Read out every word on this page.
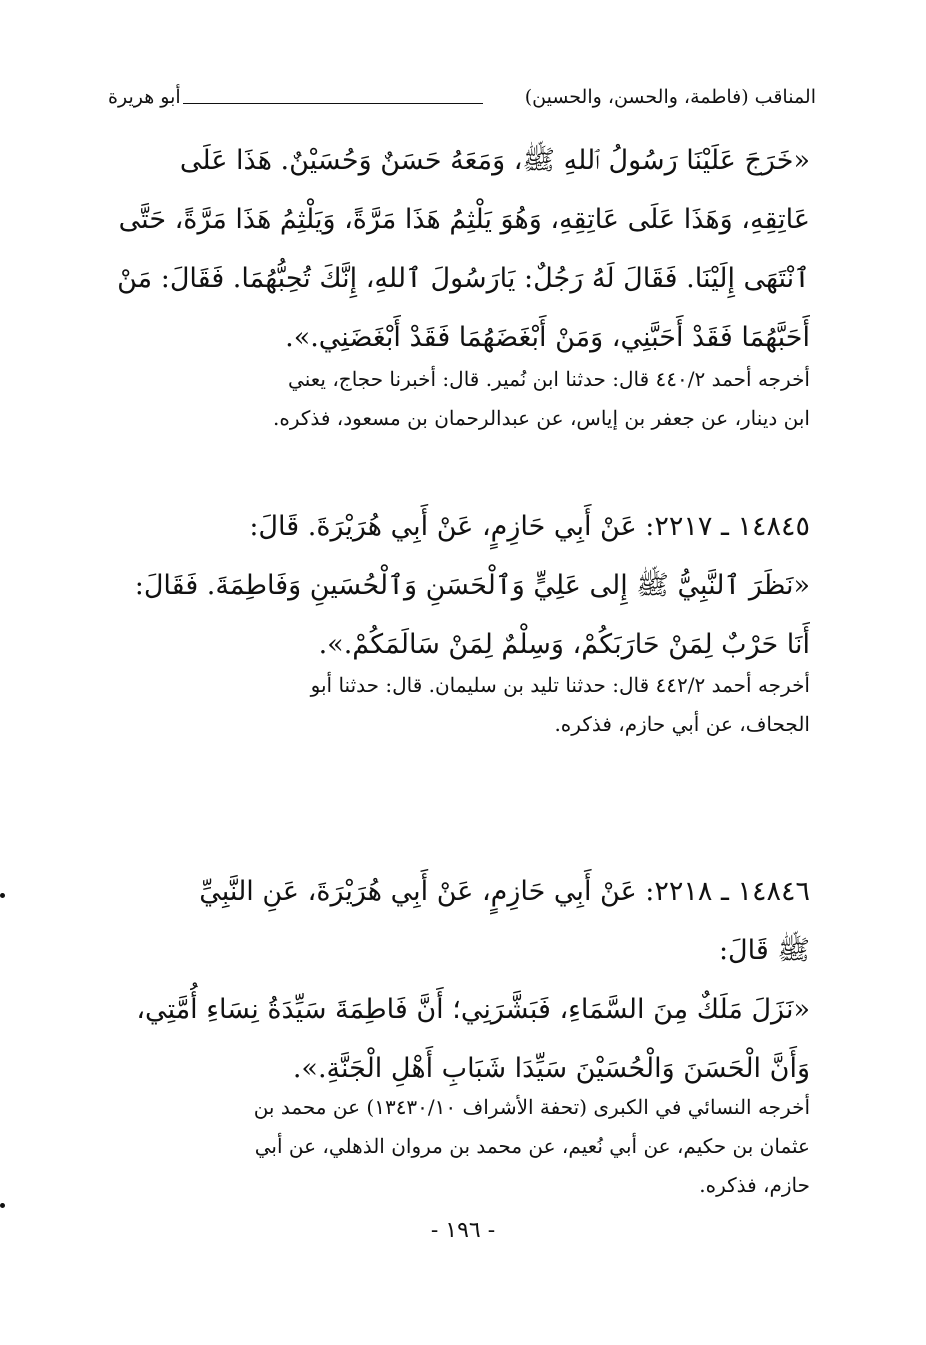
المناقب (فاطمة، والحسن، والحسين)
أبو هريرة
«خَرَجَ عَلَيْنَا رَسُولُ ٱللهِ ﷺ، وَمَعَهُ حَسَنٌ وَحُسَيْنٌ. هَذَا عَلَى
عَاتِقِهِ، وَهَذَا عَلَى عَاتِقِهِ، وَهُوَ يَلْثِمُ هَذَا مَرَّةً، وَيَلْثِمُ هَذَا مَرَّةً، حَتَّى
ٱنْتَهَى إِلَيْنَا. فَقَالَ لَهُ رَجُلٌ: يَارَسُولَ ٱللهِ، إِنَّكَ تُحِبُّهُمَا. فَقَالَ: مَنْ
أَحَبَّهُمَا فَقَدْ أَحَبَّنِي، وَمَنْ أَبْغَضَهُمَا فَقَدْ أَبْغَضَنِي.».
أخرجه أحمد ٤٤٠/٢ قال: حدثنا ابن نُمير. قال: أخبرنا حجاج، يعني
ابن دينار، عن جعفر بن إياس، عن عبدالرحمان بن مسعود، فذكره.
١٤٨٤٥ ـ ٢٢١٧: عَنْ أَبِي حَازِمٍ، عَنْ أَبِي هُرَيْرَةَ. قَالَ:
«نَظَرَ ٱلنَّبِيُّ ﷺ إِلى عَلِيٍّ وَٱلْحَسَنِ وَٱلْحُسَينِ وَفَاطِمَةَ. فَقَالَ:
أَنَا حَرْبٌ لِمَنْ حَارَبَكُمْ، وَسِلْمٌ لِمَنْ سَالَمَكُمْ.».
أخرجه أحمد ٤٤٢/٢ قال: حدثنا تليد بن سليمان. قال: حدثنا أبو
الجحاف، عن أبي حازم، فذكره.
١٤٨٤٦ ـ ٢٢١٨: عَنْ أَبِي حَازِمٍ، عَنْ أَبِي هُرَيْرَةَ، عَنِ النَّبِيِّ
ﷺ قَالَ:
«نَزَلَ مَلَكٌ مِنَ السَّمَاءِ، فَبَشَّرَنِي؛ أَنَّ فَاطِمَةَ سَيِّدَةُ نِسَاءِ أُمَّتِي،
وَأَنَّ الْحَسَنَ وَالْحُسَيْنَ سَيِّدَا شَبَابِ أَهْلِ الْجَنَّةِ.».
أخرجه النسائي في الكبرى (تحفة الأشراف ١٣٤٣٠/١٠) عن محمد بن
عثمان بن حكيم، عن أبي نُعيم، عن محمد بن مروان الذهلي، عن أبي
حازم، فذكره.
- ١٩٦ -
